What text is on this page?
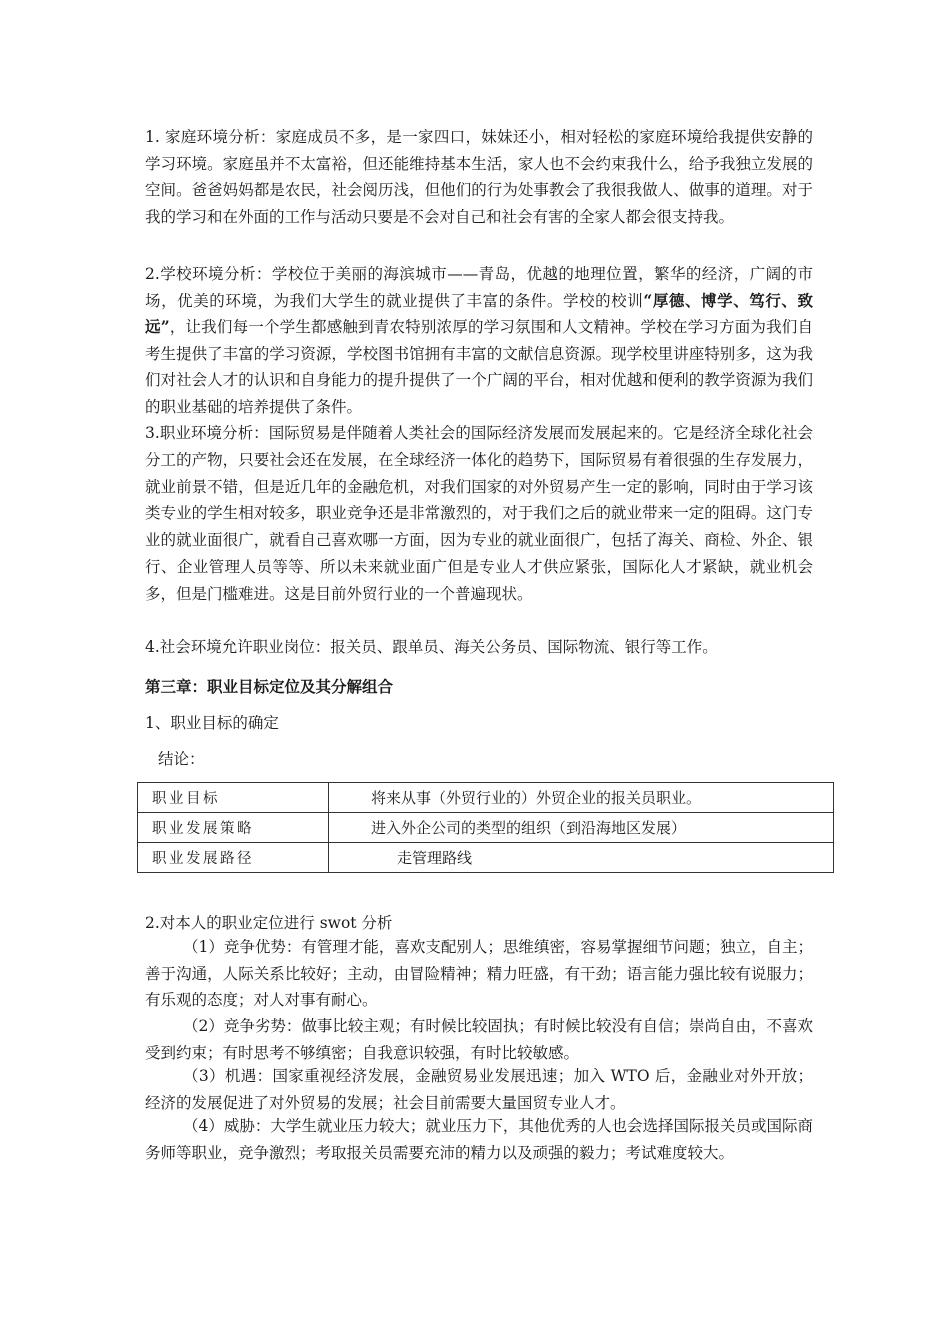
1. 家庭环境分析：家庭成员不多，是一家四口，妹妹还小，相对轻松的家庭环境给我提供安静的学习环境。家庭虽并不太富裕，但还能维持基本生活，家人也不会约束我什么，给予我独立发展的空间。爸爸妈妈都是农民，社会阅历浅，但他们的行为处事教会了我很我做人、做事的道理。对于我的学习和在外面的工作与活动只要是不会对自己和社会有害的全家人都会很支持我。

2.学校环境分析：学校位于美丽的海滨城市——青岛，优越的地理位置，繁华的经济，广阔的市场，优美的环境，为我们大学生的就业提供了丰富的条件。学校的校训“厚德、博学、笃行、致远”，让我们每一个学生都感触到青农特别浓厚的学习氛围和人文精神。学校在学习方面为我们自考生提供了丰富的学习资源，学校图书馆拥有丰富的文献信息资源。现学校里讲座特别多，这为我们对社会人才的认识和自身能力的提升提供了一个广阔的平台，相对优越和便利的教学资源为我们的职业基础的培养提供了条件。

3.职业环境分析：国际贸易是伴随着人类社会的国际经济发展而发展起来的。它是经济全球化社会分工的产物，只要社会还在发展，在全球经济一体化的趋势下，国际贸易有着很强的生存发展力，就业前景不错，但是近几年的金融危机，对我们国家的对外贸易产生一定的影响，同时由于学习该类专业的学生相对较多，职业竞争还是非常激烈的，对于我们之后的就业带来一定的阻碍。这门专业的就业面很广，就看自己喜欢哪一方面，因为专业的就业面很广，包括了海关、商检、外企、银行、企业管理人员等等、所以未来就业面广但是专业人才供应紧张，国际化人才紧缺，就业机会多，但是门槛难进。这是目前外贸行业的一个普遍现状。

4.社会环境允许职业岗位：报关员、跟单员、海关公务员、国际物流、银行等工作。

第三章：职业目标定位及其分解组合
1、职业目标的确定
结论：
职业目标	将来从事（外贸行业的）外贸企业的报关员职业。
职业发展策略	进入外企公司的类型的组织（到沿海地区发展）
职业发展路径	走管理路线
2.对本人的职业定位进行 swot 分析

（1）竞争优势：有管理才能，喜欢支配别人；思维缜密，容易掌握细节问题；独立，自主；善于沟通，人际关系比较好；主动，由冒险精神；精力旺盛，有干劲；语言能力强比较有说服力；有乐观的态度；对人对事有耐心。

（2）竞争劣势：做事比较主观；有时候比较固执；有时候比较没有自信；崇尚自由，不喜欢受到约束；有时思考不够缜密；自我意识较强，有时比较敏感。

（3）机遇：国家重视经济发展，金融贸易业发展迅速；加入 WTO 后，金融业对外开放；经济的发展促进了对外贸易的发展；社会目前需要大量国贸专业人才。

（4）威胁：大学生就业压力较大；就业压力下，其他优秀的人也会选择国际报关员或国际商务师等职业，竞争激烈；考取报关员需要充沛的精力以及顽强的毅力；考试难度较大。
